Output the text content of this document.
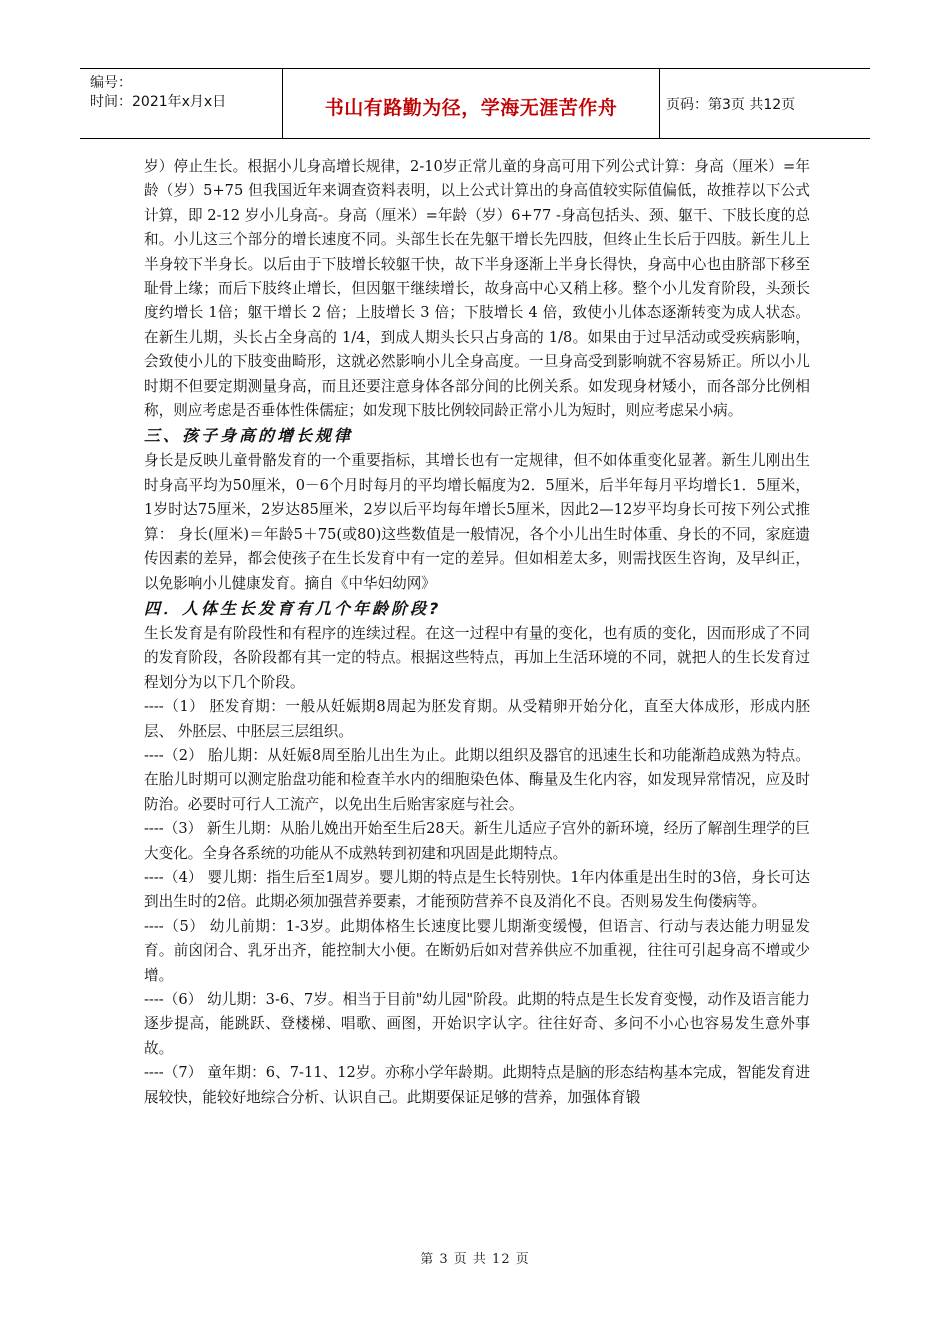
编号：
时间：2021年x月x日	书山有路勤为径，学海无涯苦作舟	页码：第3页 共12页

岁）停止生长。根据小儿身高增长规律，2-10岁正常儿童的身高可用下列公式计算：身高（厘米）=年龄（岁）5+75 但我国近年来调查资料表明，以上公式计算出的身高值较实际值偏低，故推荐以下公式计算，即 2-12 岁小儿身高-。身高（厘米）=年龄（岁）6+77 -身高包括头、颈、躯干、下肢长度的总和。小儿这三个部分的增长速度不同。头部生长在先躯干增长先四肢，但终止生长后于四肢。新生儿上半身较下半身长。以后由于下肢增长较躯干快，故下半身逐渐上半身长得快，身高中心也由脐部下移至耻骨上缘；而后下肢终止增长，但因躯干继续增长，故身高中心又稍上移。整个小儿发育阶段，头颈长度约增长 1倍；躯干增长 2 倍；上肢增长 3 倍；下肢增长 4 倍，致使小儿体态逐渐转变为成人状态。在新生儿期，头长占全身高的 1/4，到成人期头长只占身高的 1/8。如果由于过早活动或受疾病影响，会致使小儿的下肢变曲畸形，这就必然影响小儿全身高度。一旦身高受到影响就不容易矫正。所以小儿时期不但要定期测量身高，而且还要注意身体各部分间的比例关系。如发现身材矮小，而各部分比例相称，则应考虑是否垂体性侏儒症；如发现下肢比例较同龄正常小儿为短时，则应考虑呆小病。

三、孩子身高的增长规律

身长是反映儿童骨骼发育的一个重要指标，其增长也有一定规律，但不如体重变化显著。新生儿刚出生时身高平均为50厘米，0－6个月时每月的平均增长幅度为2．5厘米，后半年每月平均增长1．5厘米，1岁时达75厘米，2岁达85厘米，2岁以后平均每年增长5厘米，因此2—12岁平均身长可按下列公式推算： 身长(厘米)＝年龄5＋75(或80)这些数值是一般情况，各个小儿出生时体重、身长的不同，家庭遗传因素的差异，都会使孩子在生长发育中有一定的差异。但如相差太多，则需找医生咨询，及早纠正，以免影响小儿健康发育。摘自《中华妇幼网》

四．人体生长发育有几个年龄阶段?

生长发育是有阶段性和有程序的连续过程。在这一过程中有量的变化，也有质的变化，因而形成了不同的发育阶段，各阶段都有其一定的特点。根据这些特点，再加上生活环境的不同，就把人的生长发育过程划分为以下几个阶段。

----（1） 胚发育期：一般从妊娠期8周起为胚发育期。从受精卵开始分化，直至大体成形，形成内胚层、 外胚层、中胚层三层组织。

----（2） 胎儿期：从妊娠8周至胎儿出生为止。此期以组织及器官的迅速生长和功能渐趋成熟为特点。 在胎儿时期可以测定胎盘功能和检查羊水内的细胞染色体、酶量及生化内容，如发现异常情况，应及时防治。必要时可行人工流产，以免出生后贻害家庭与社会。

----（3） 新生儿期：从胎儿娩出开始至生后28天。新生儿适应子宫外的新环境，经历了解剖生理学的巨大变化。全身各系统的功能从不成熟转到初建和巩固是此期特点。

----（4） 婴儿期：指生后至1周岁。婴儿期的特点是生长特别快。1年内体重是出生时的3倍，身长可达到出生时的2倍。此期必须加强营养要素，才能预防营养不良及消化不良。否则易发生佝偻病等。

----（5） 幼儿前期：1-3岁。此期体格生长速度比婴儿期渐变缓慢，但语言、行动与表达能力明显发育。前囟闭合、乳牙出齐，能控制大小便。在断奶后如对营养供应不加重视，往往可引起身高不增或少增。

----（6） 幼儿期：3-6、7岁。相当于目前"幼儿园"阶段。此期的特点是生长发育变慢，动作及语言能力逐步提高，能跳跃、登楼梯、唱歌、画图，开始识字认字。往往好奇、多问不小心也容易发生意外事故。

----（7） 童年期：6、7-11、12岁。亦称小学年龄期。此期特点是脑的形态结构基本完成，智能发育进展较快，能较好地综合分析、认识自己。此期要保证足够的营养，加强体育锻

第 3 页 共 12 页
